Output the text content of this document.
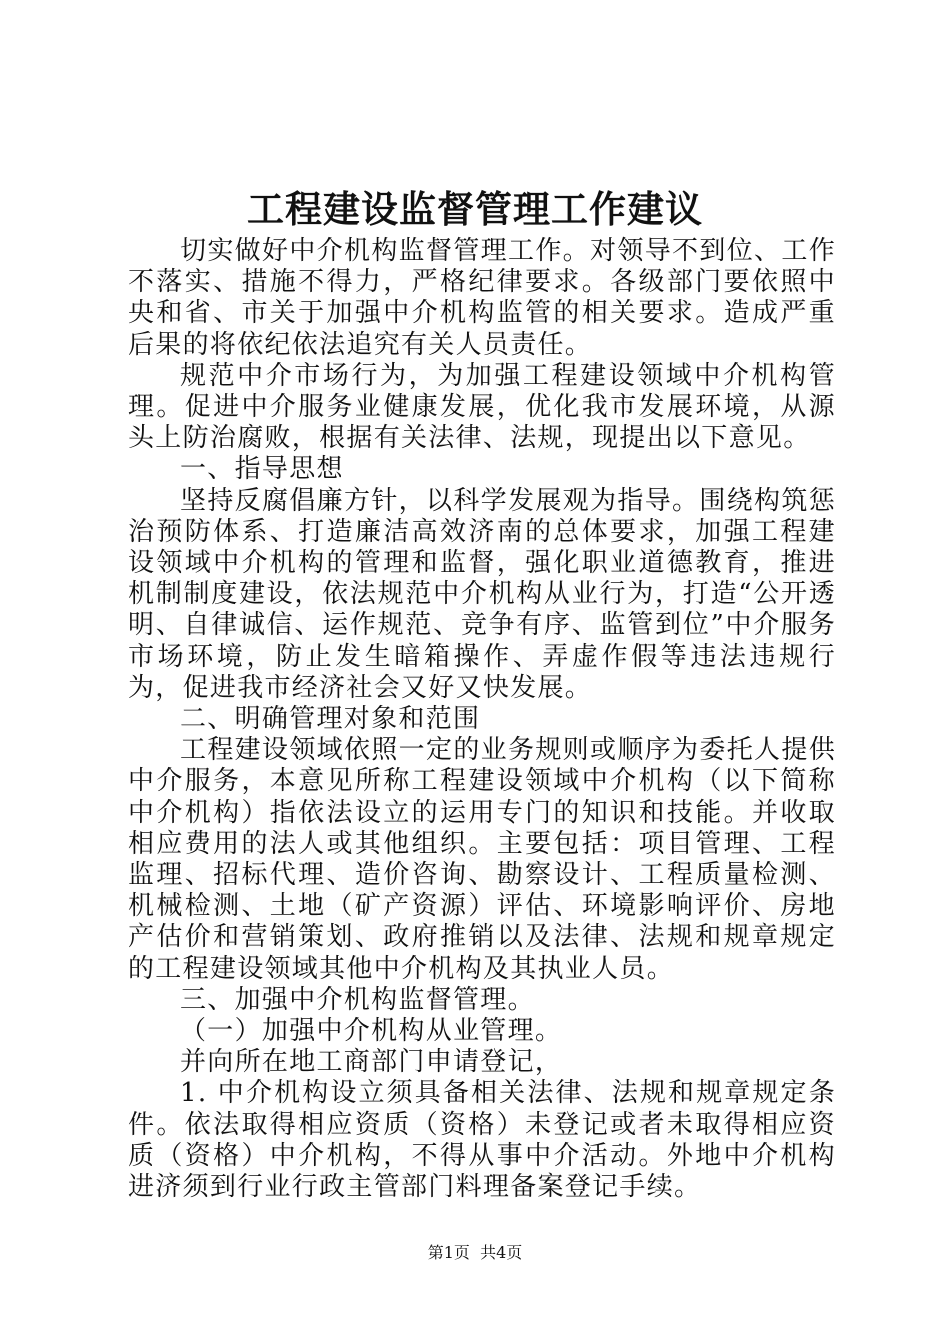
工程建设监督管理工作建议

切实做好中介机构监督管理工作。对领导不到位、工作不落实、措施不得力，严格纪律要求。各级部门要依照中央和省、市关于加强中介机构监管的相关要求。造成严重后果的将依纪依法追究有关人员责任。

规范中介市场行为，为加强工程建设领域中介机构管理。促进中介服务业健康发展，优化我市发展环境，从源头上防治腐败，根据有关法律、法规，现提出以下意见。

一、指导思想

坚持反腐倡廉方针，以科学发展观为指导。围绕构筑惩治预防体系、打造廉洁高效济南的总体要求，加强工程建设领域中介机构的管理和监督，强化职业道德教育，推进机制制度建设，依法规范中介机构从业行为，打造“公开透明、自律诚信、运作规范、竞争有序、监管到位”中介服务市场环境，防止发生暗箱操作、弄虚作假等违法违规行为，促进我市经济社会又好又快发展。

二、明确管理对象和范围

工程建设领域依照一定的业务规则或顺序为委托人提供中介服务，本意见所称工程建设领域中介机构（以下简称中介机构）指依法设立的运用专门的知识和技能。并收取相应费用的法人或其他组织。主要包括：项目管理、工程监理、招标代理、造价咨询、勘察设计、工程质量检测、机械检测、土地（矿产资源）评估、环境影响评价、房地产估价和营销策划、政府推销以及法律、法规和规章规定的工程建设领域其他中介机构及其执业人员。

三、加强中介机构监督管理。

（一）加强中介机构从业管理。

并向所在地工商部门申请登记，

1. 中介机构设立须具备相关法律、法规和规章规定条件。依法取得相应资质（资格）未登记或者未取得相应资质（资格）中介机构，不得从事中介活动。外地中介机构进济须到行业行政主管部门料理备案登记手续。

第1页 共4页
